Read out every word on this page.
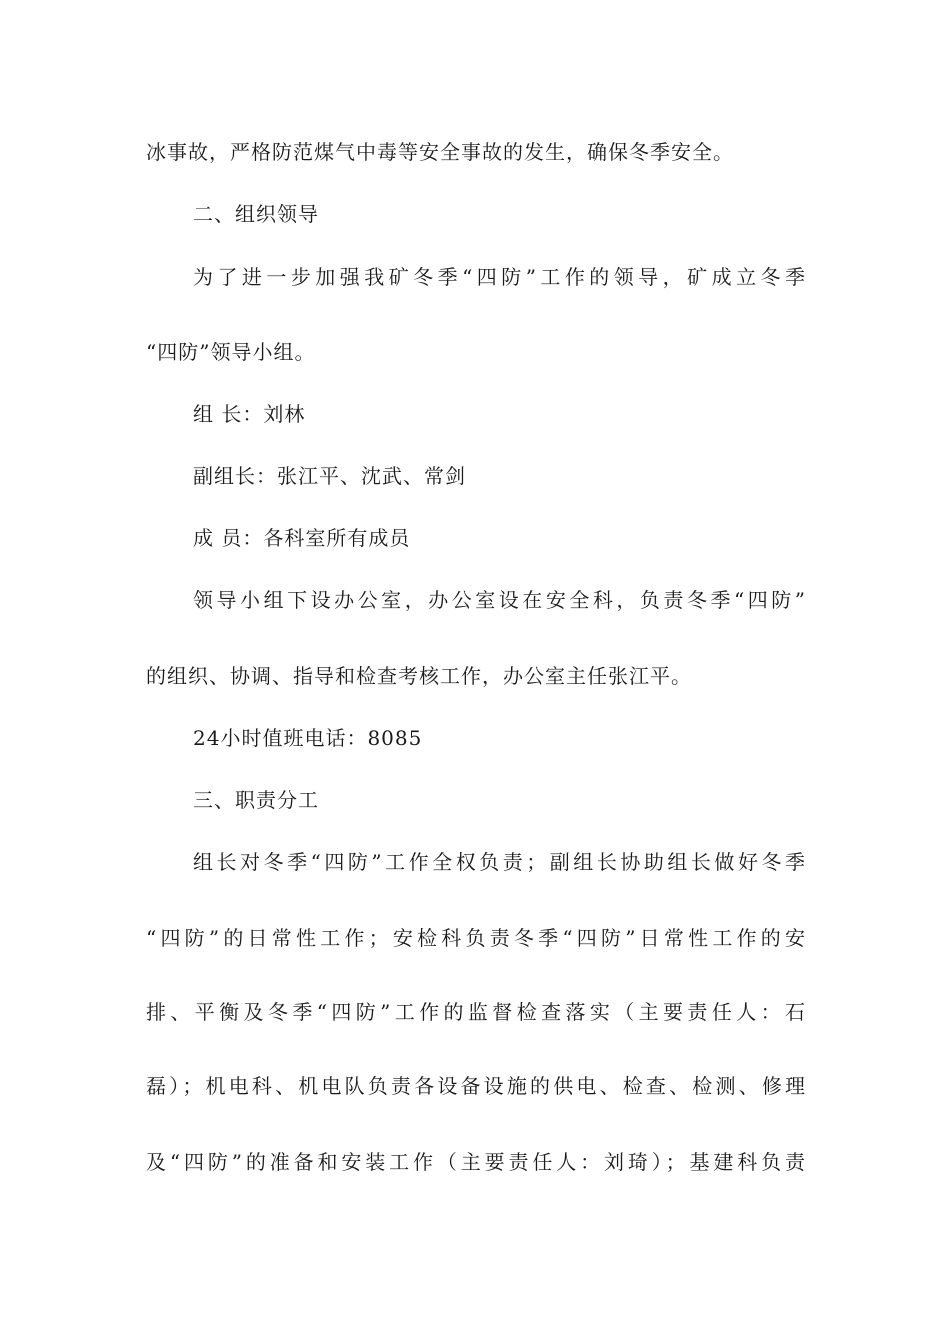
冰事故，严格防范煤气中毒等安全事故的发生，确保冬季安全。
二、组织领导
为了进一步加强我矿冬季“四防”工作的领导，矿成立冬季
“四防”领导小组。
组 长：刘林
副组长：张江平、沈武、常剑
成 员：各科室所有成员
领导小组下设办公室，办公室设在安全科，负责冬季“四防”
的组织、协调、指导和检查考核工作，办公室主任张江平。
24小时值班电话：8085
三、职责分工
组长对冬季“四防”工作全权负责；副组长协助组长做好冬季
“四防”的日常性工作；安检科负责冬季“四防”日常性工作的安
排、平衡及冬季“四防”工作的监督检查落实（主要责任人：石
磊）；机电科、机电队负责各设备设施的供电、检查、检测、修理
及“四防”的准备和安装工作（主要责任人：刘琦）；基建科负责
